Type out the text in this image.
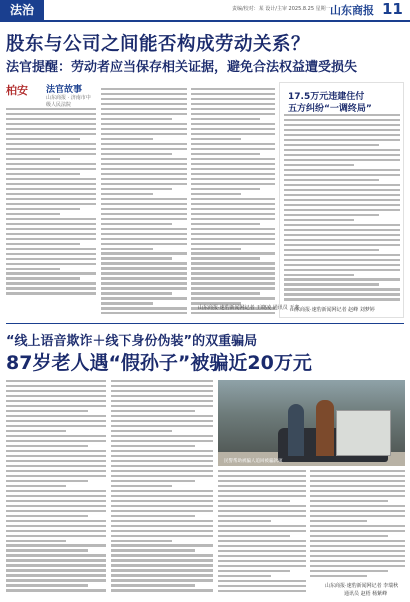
法治	责编/校对：某 设计/主审 2025.8.25 星期一 山东商报 11
股东与公司之间能否构成劳动关系？
法官提醒：劳动者应当保存相关证据，避免合法权益遭受损失
柏安 法官故事
山东商报 · 济南市中级人民法院
山东商报·速豹新闻网记者 王晓凌 通讯员 王鑫
17.5万元违建住付
五方纠纷“一调终局”
山东商报·速豹新闻网记者 赵峰 刘梦婷
“线上语音欺诈＋线下身份伪装”的双重骗局
87岁老人遇“假孙子”被骗近20万元
民警帮助被骗人追回被骗款项
山东商报·速豹新闻网记者 李瑞秋
通讯员 赵梧 杨紫峰
